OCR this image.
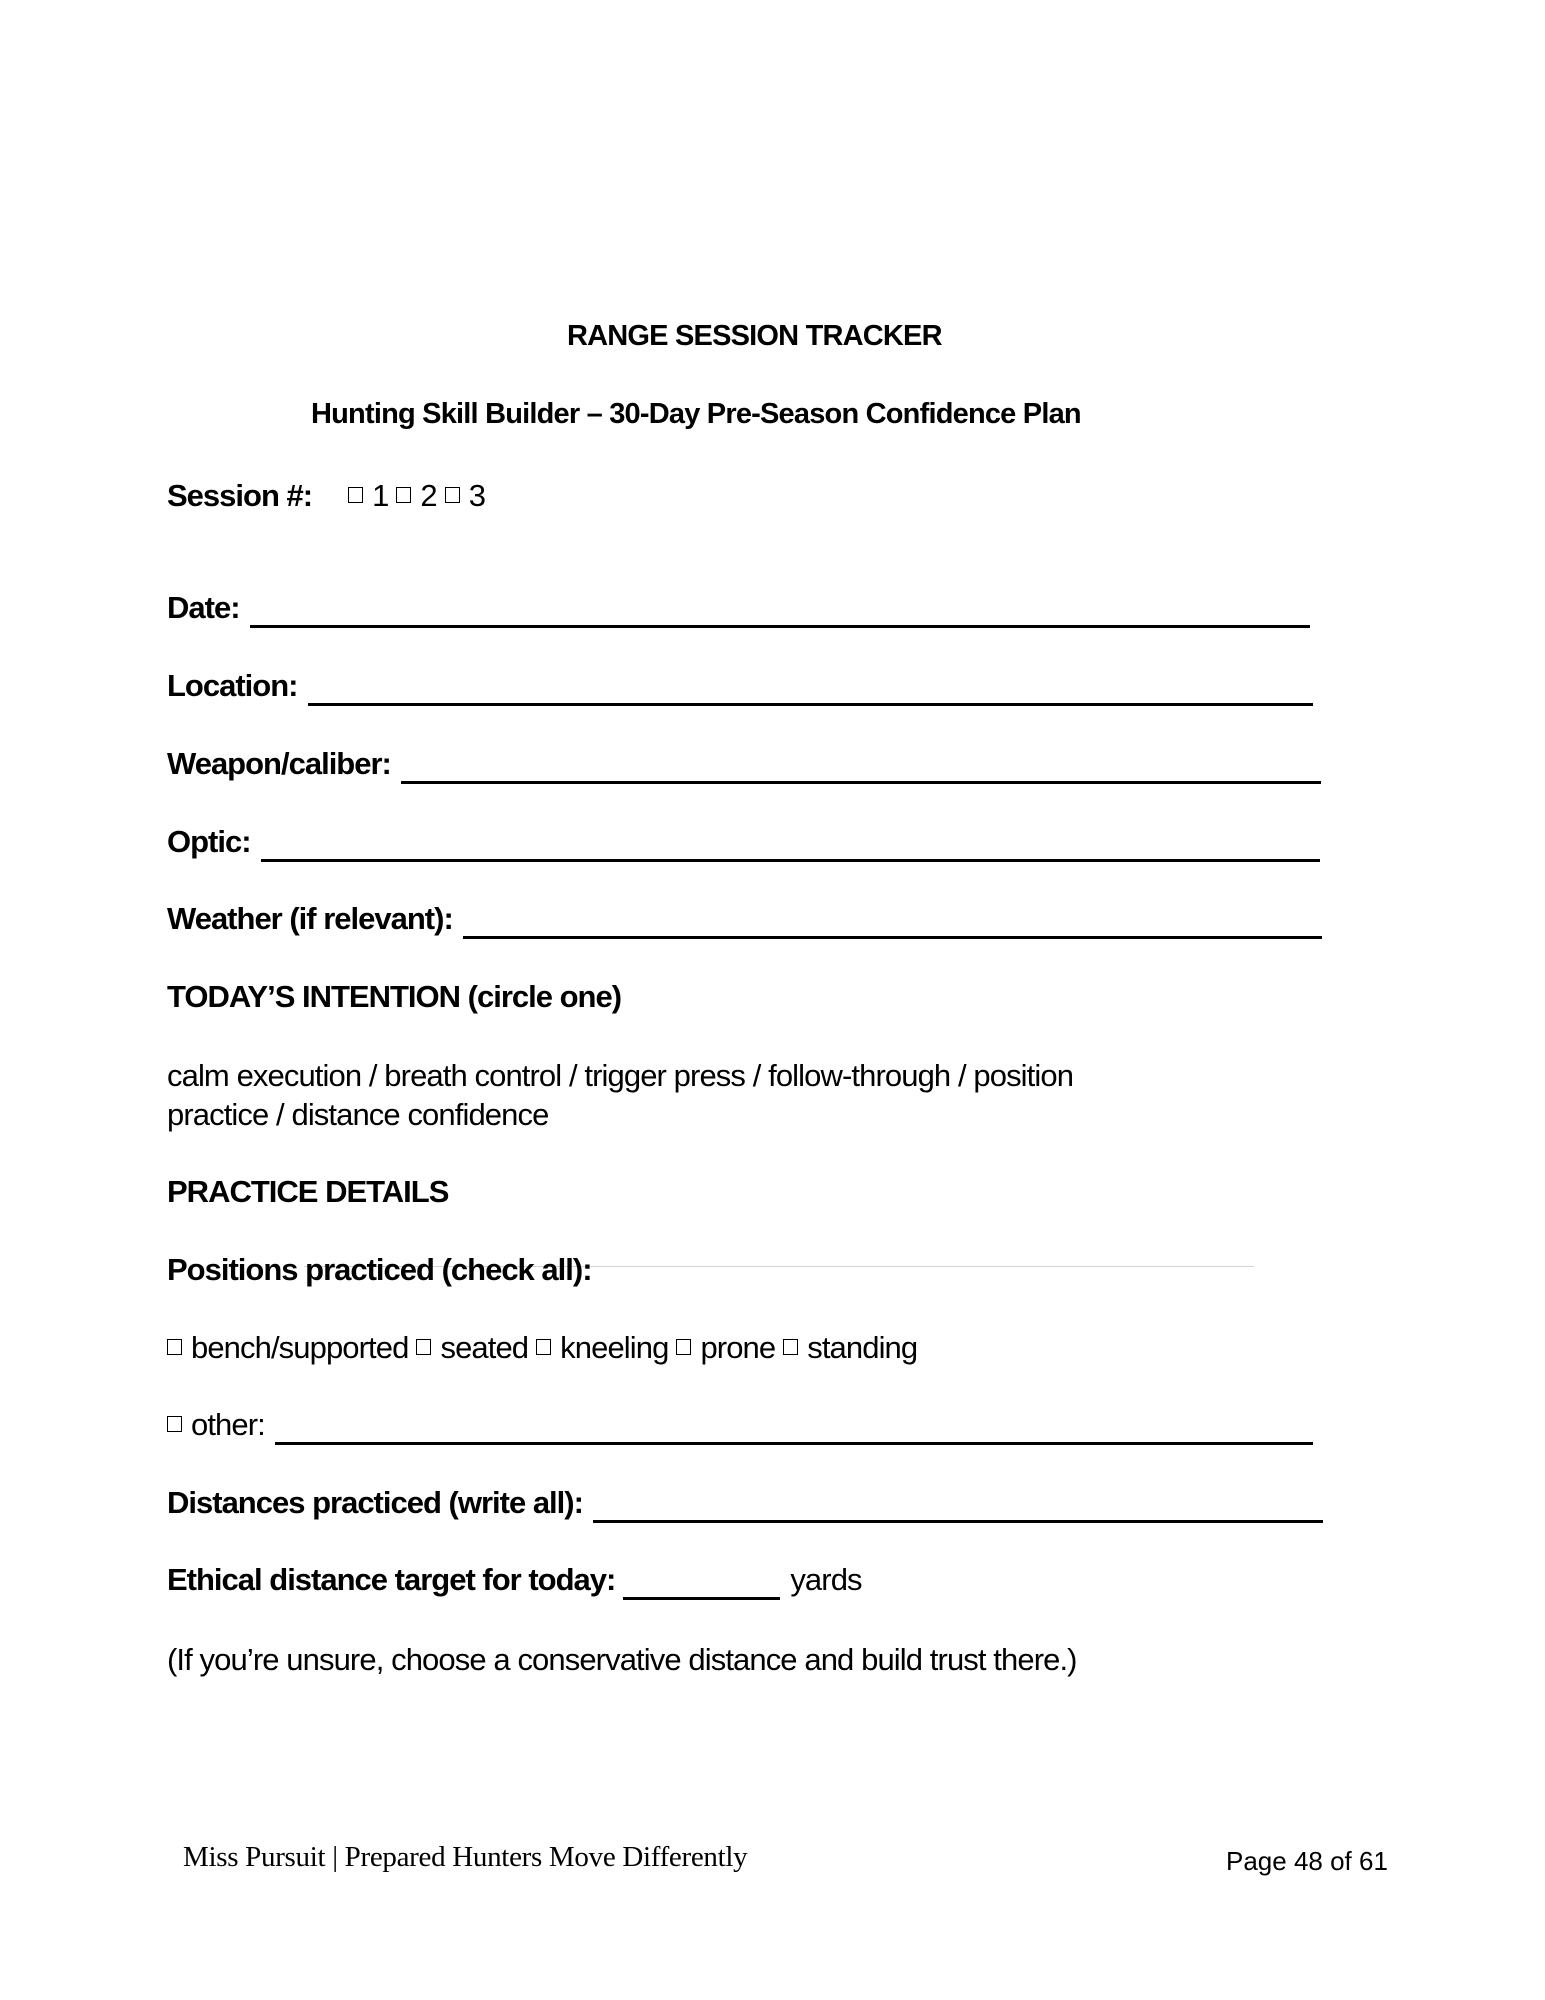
RANGE SESSION TRACKER
Hunting Skill Builder – 30-Day Pre-Season Confidence Plan
Session #: 1 2 3
Date:
Location:
Weapon/caliber:
Optic:
Weather (if relevant):
TODAY’S INTENTION (circle one)
calm execution / breath control / trigger press / follow-through / position
practice / distance confidence
PRACTICE DETAILS
Positions practiced (check all):
bench/supported seated kneeling prone standing
other:
Distances practiced (write all):
Ethical distance target for today:	yards
(If you’re unsure, choose a conservative distance and build trust there.)
Miss Pursuit | Prepared Hunters Move Differently	Page 48 of 61
